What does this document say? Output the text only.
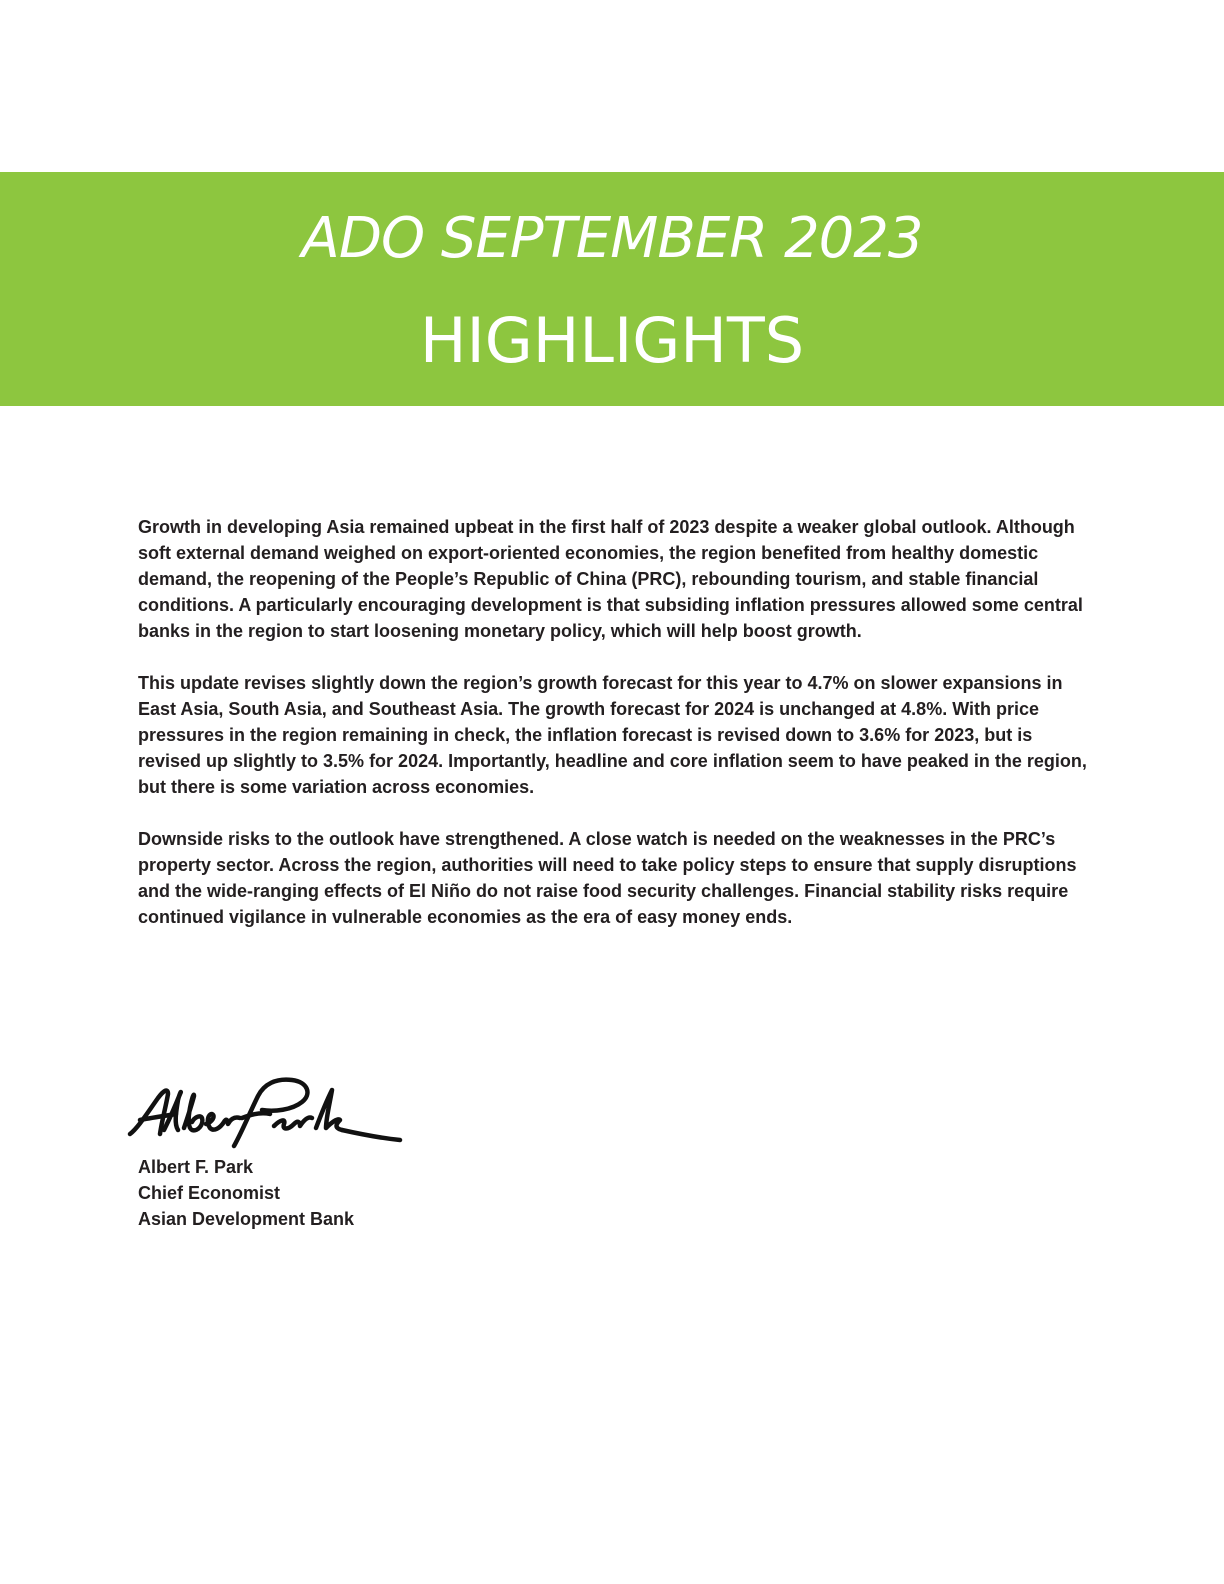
ADO SEPTEMBER 2023
HIGHLIGHTS

Growth in developing Asia remained upbeat in the first half of 2023 despite a weaker global outlook. Although soft external demand weighed on export-oriented economies, the region benefited from healthy domestic demand, the reopening of the People’s Republic of China (PRC), rebounding tourism, and stable financial conditions. A particularly encouraging development is that subsiding inflation pressures allowed some central banks in the region to start loosening monetary policy, which will help boost growth.

This update revises slightly down the region’s growth forecast for this year to 4.7% on slower expansions in East Asia, South Asia, and Southeast Asia. The growth forecast for 2024 is unchanged at 4.8%. With price pressures in the region remaining in check, the inflation forecast is revised down to 3.6% for 2023, but is revised up slightly to 3.5% for 2024. Importantly, headline and core inflation seem to have peaked in the region, but there is some variation across economies.

Downside risks to the outlook have strengthened. A close watch is needed on the weaknesses in the PRC’s property sector. Across the region, authorities will need to take policy steps to ensure that supply disruptions and the wide-ranging effects of El Niño do not raise food security challenges. Financial stability risks require continued vigilance in vulnerable economies as the era of easy money ends.

Albert F. Park
Chief Economist
Asian Development Bank
